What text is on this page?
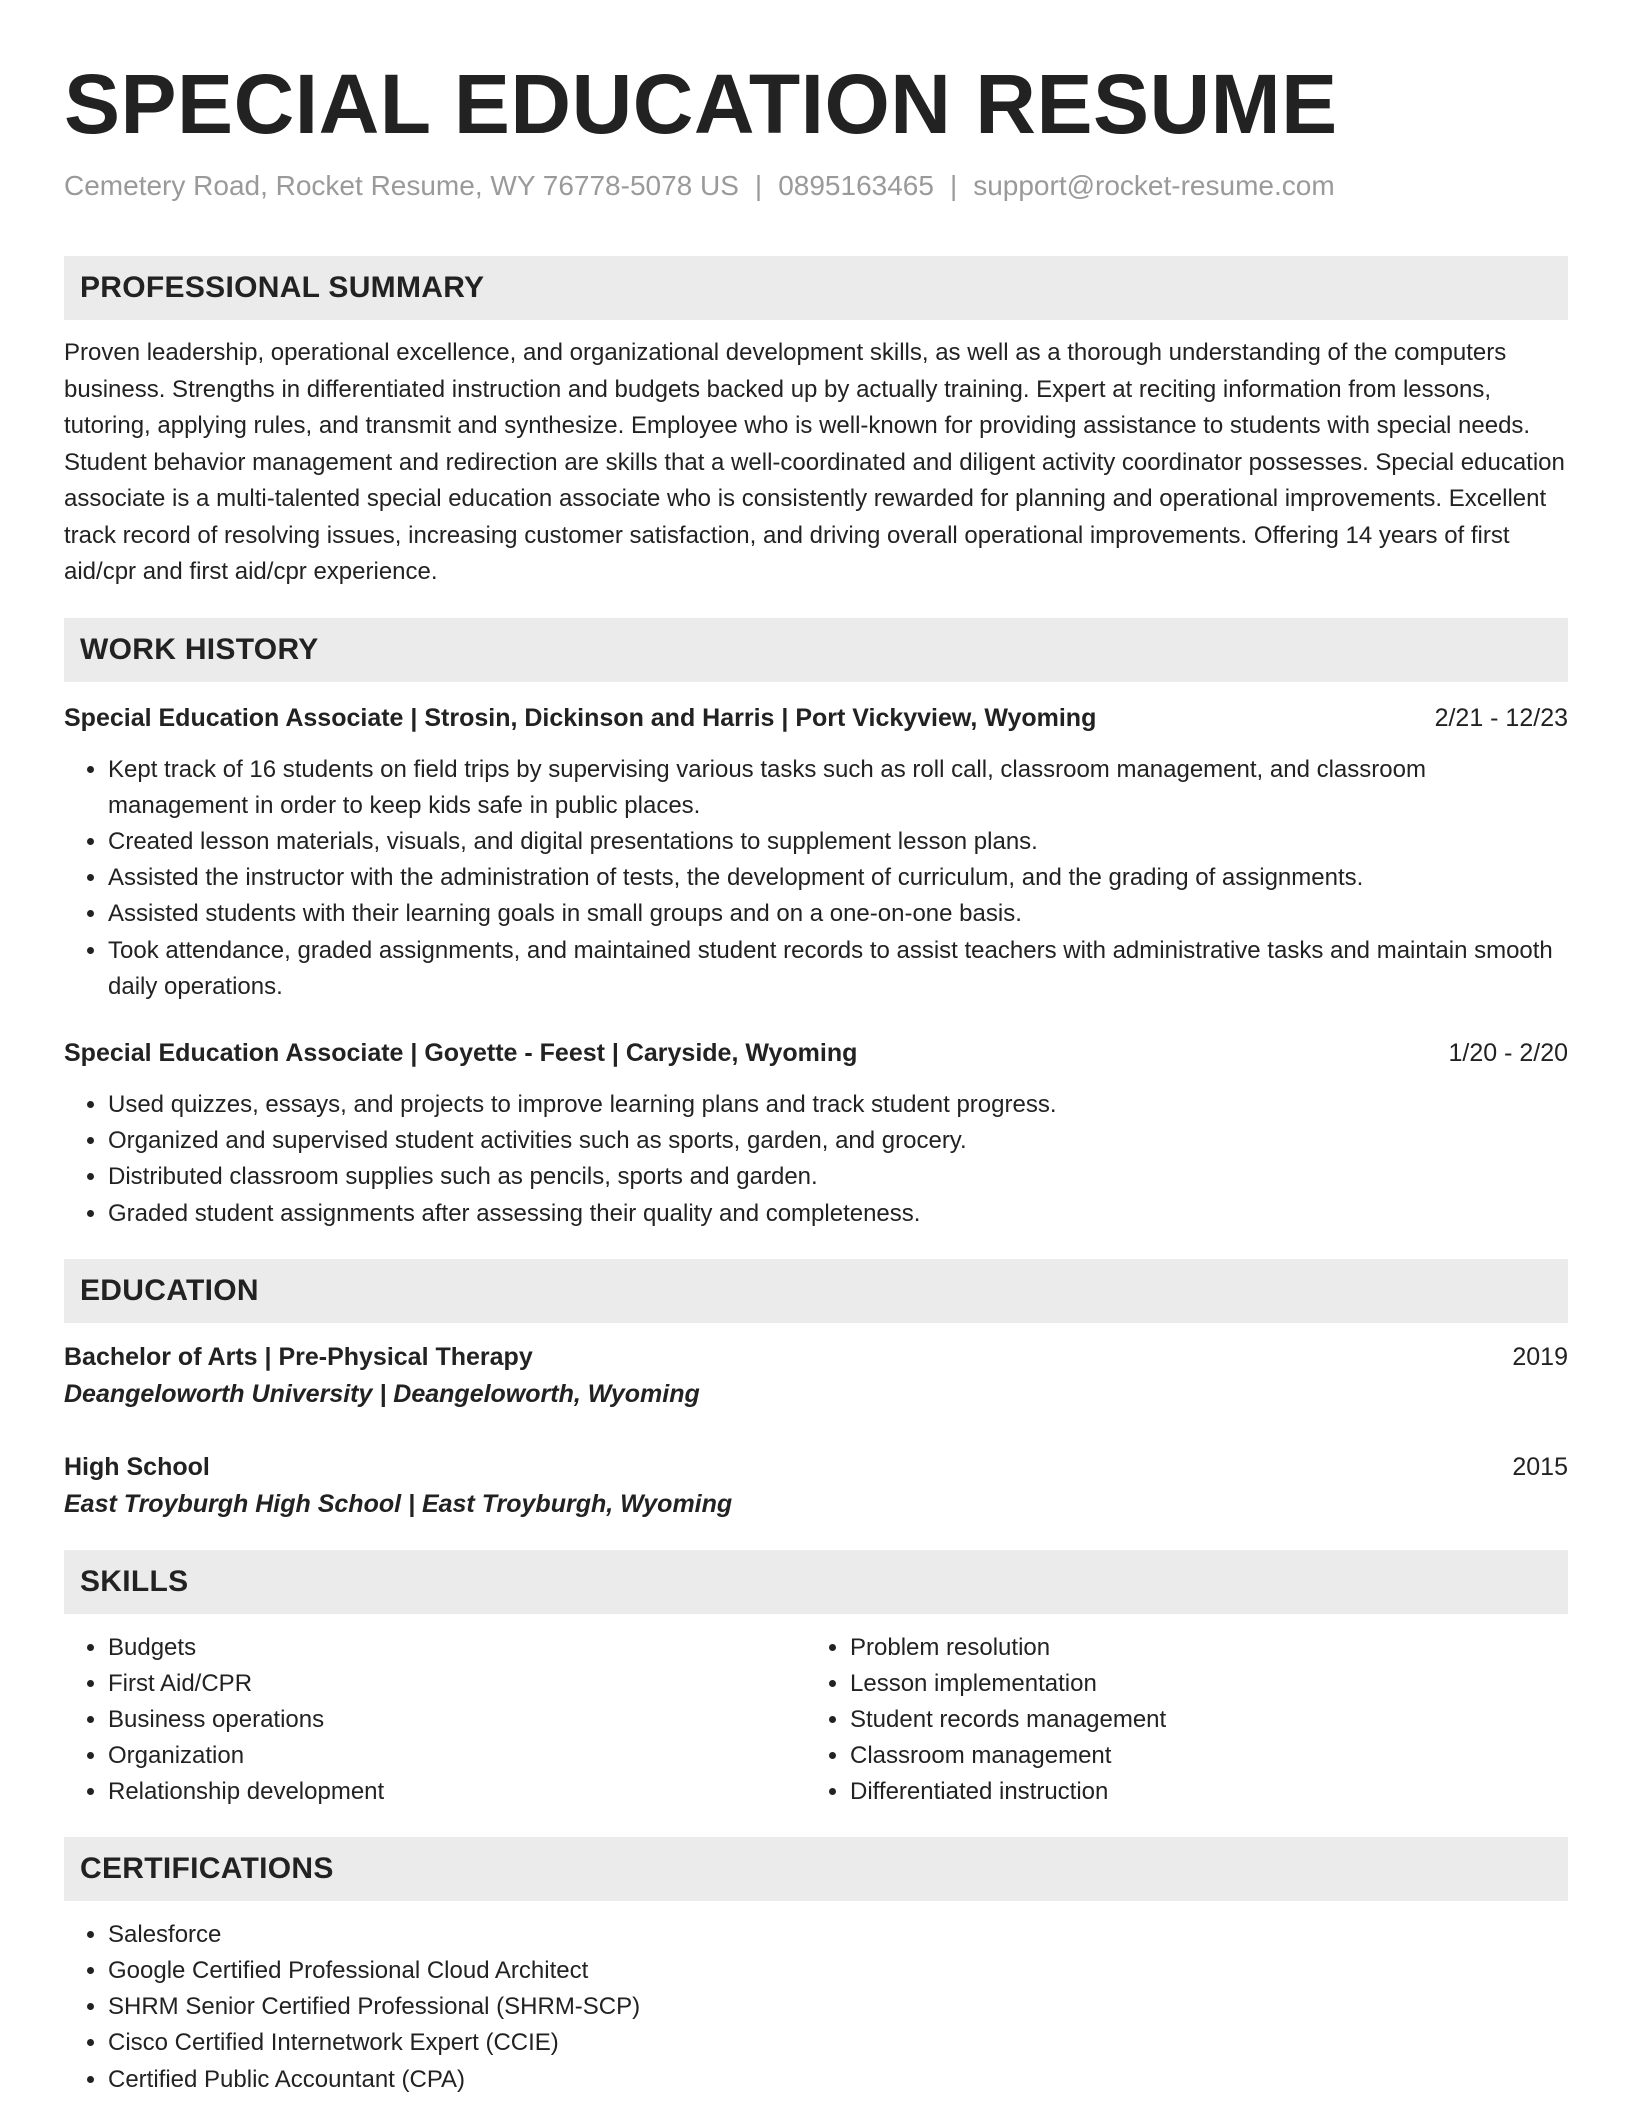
SPECIAL EDUCATION RESUME
Cemetery Road, Rocket Resume, WY 76778-5078 US | 0895163465 | support@rocket-resume.com
PROFESSIONAL SUMMARY
Proven leadership, operational excellence, and organizational development skills, as well as a thorough understanding of the computers business. Strengths in differentiated instruction and budgets backed up by actually training. Expert at reciting information from lessons, tutoring, applying rules, and transmit and synthesize. Employee who is well-known for providing assistance to students with special needs. Student behavior management and redirection are skills that a well-coordinated and diligent activity coordinator possesses. Special education associate is a multi-talented special education associate who is consistently rewarded for planning and operational improvements. Excellent track record of resolving issues, increasing customer satisfaction, and driving overall operational improvements. Offering 14 years of first aid/cpr and first aid/cpr experience.
WORK HISTORY
Special Education Associate | Strosin, Dickinson and Harris | Port Vickyview, Wyoming	2/21 - 12/23
• Kept track of 16 students on field trips by supervising various tasks such as roll call, classroom management, and classroom management in order to keep kids safe in public places.
• Created lesson materials, visuals, and digital presentations to supplement lesson plans.
• Assisted the instructor with the administration of tests, the development of curriculum, and the grading of assignments.
• Assisted students with their learning goals in small groups and on a one-on-one basis.
• Took attendance, graded assignments, and maintained student records to assist teachers with administrative tasks and maintain smooth daily operations.
Special Education Associate | Goyette - Feest | Caryside, Wyoming	1/20 - 2/20
• Used quizzes, essays, and projects to improve learning plans and track student progress.
• Organized and supervised student activities such as sports, garden, and grocery.
• Distributed classroom supplies such as pencils, sports and garden.
• Graded student assignments after assessing their quality and completeness.
EDUCATION
Bachelor of Arts | Pre-Physical Therapy	2019
Deangeloworth University | Deangeloworth, Wyoming
High School	2015
East Troyburgh High School | East Troyburgh, Wyoming
SKILLS
• Budgets
• First Aid/CPR
• Business operations
• Organization
• Relationship development
• Problem resolution
• Lesson implementation
• Student records management
• Classroom management
• Differentiated instruction
CERTIFICATIONS
• Salesforce
• Google Certified Professional Cloud Architect
• SHRM Senior Certified Professional (SHRM-SCP)
• Cisco Certified Internetwork Expert (CCIE)
• Certified Public Accountant (CPA)
